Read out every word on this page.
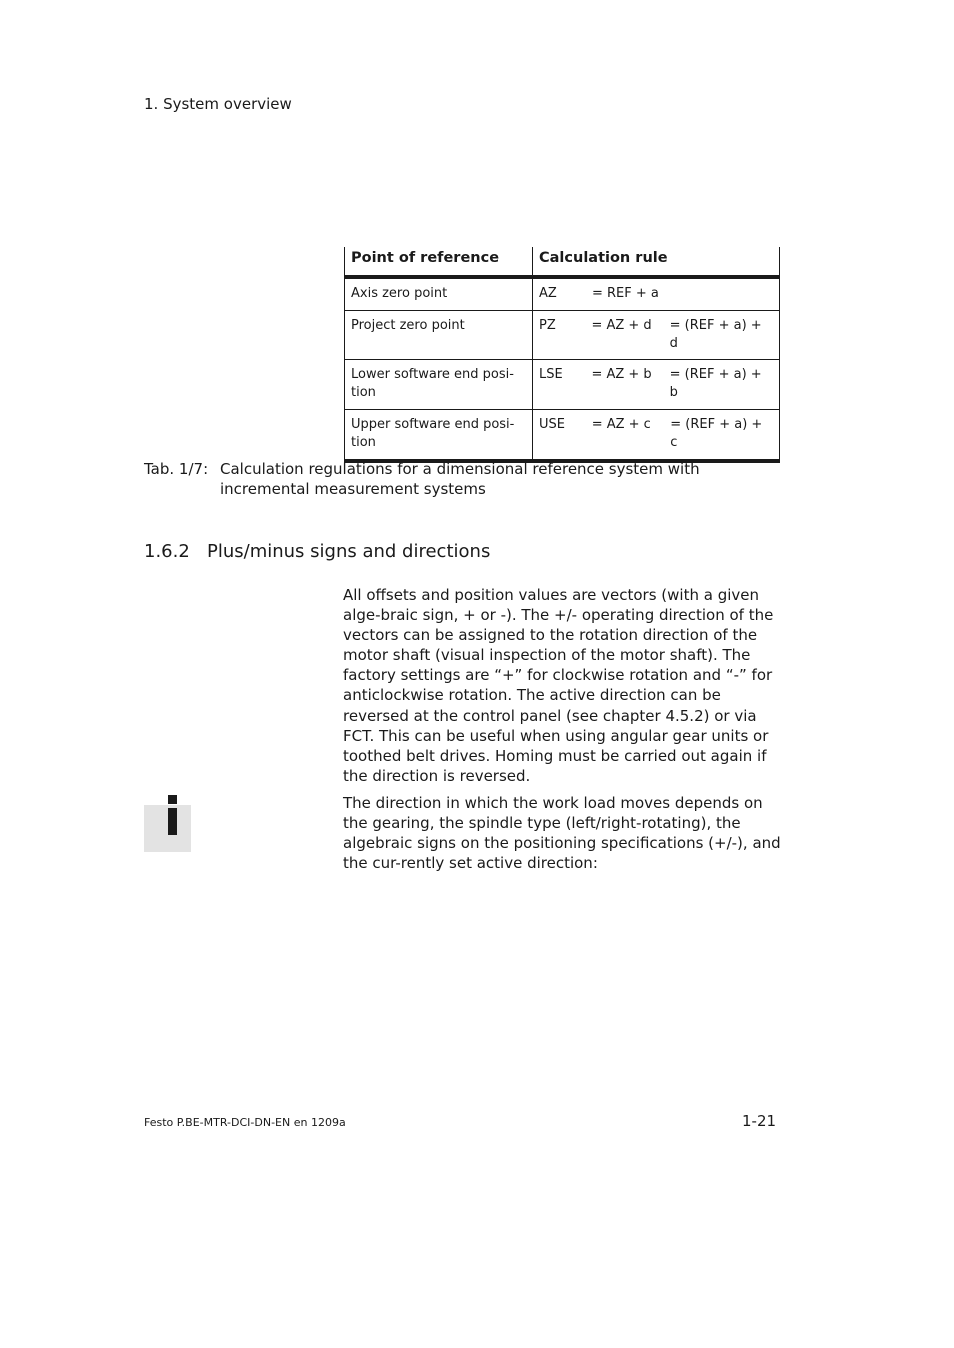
1. System overview
Point of reference	Calculation rule
Axis zero point	AZ = REF + a

Project zero point	PZ = AZ + d = (REF + a) + d

Lower software end posi-
tion	LSE = AZ + b = (REF + a) + b

Upper software end posi-
tion	USE = AZ + c = (REF + a) + c
Tab. 1/7: Calculation regulations for a dimensional reference system with incremental measurement systems
1.6.2 Plus/minus signs and directions
All offsets and position values are vectors (with a given alge-braic sign, + or -). The +/- operating direction of the vectors can be assigned to the rotation direction of the motor shaft (visual inspection of the motor shaft). The factory settings are “+” for clockwise rotation and “-” for anticlockwise rotation. The active direction can be reversed at the control panel (see chapter 4.5.2) or via FCT. This can be useful when using angular gear units or toothed belt drives. Homing must be carried out again if the direction is reversed.
The direction in which the work load moves depends on the gearing, the spindle type (left/right-rotating), the algebraic signs on the positioning specifications (+/-), and the cur-rently set active direction:
Festo P.BE-MTR-DCI-DN-EN en 1209a	1-21
